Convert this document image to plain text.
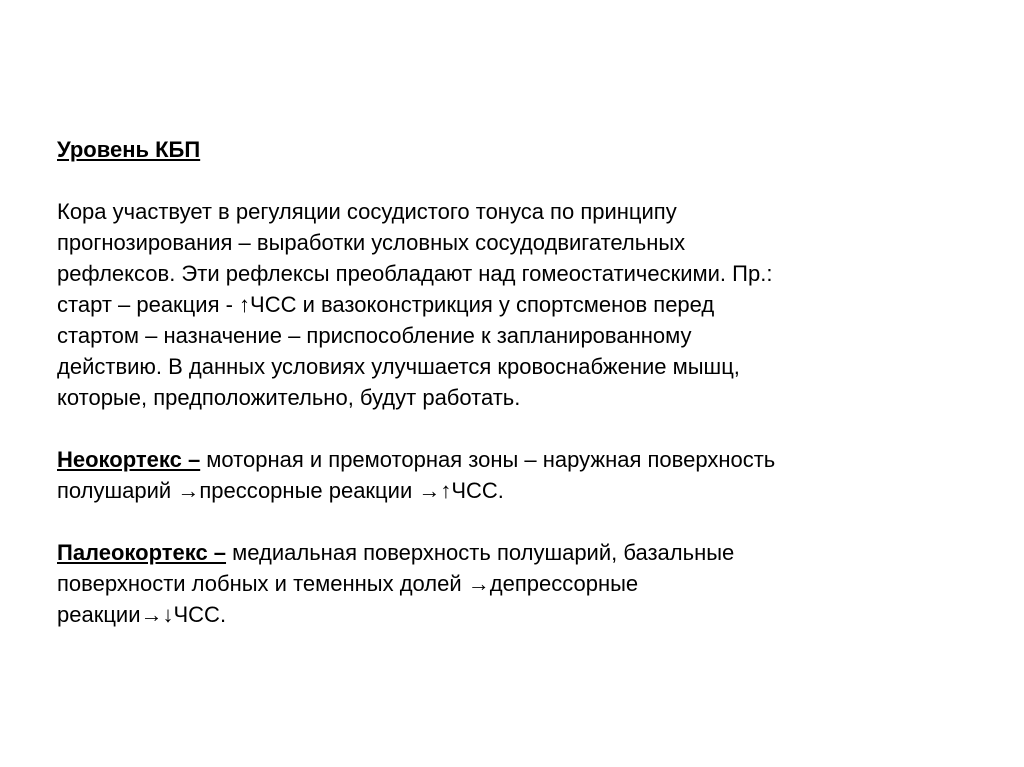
Уровень КБП
Кора участвует в регуляции сосудистого тонуса по принципу
прогнозирования – выработки условных сосудодвигательных
рефлексов. Эти рефлексы преобладают над гомеостатическими. Пр.:
старт – реакция - ↑ЧСС и вазоконстрикция у спортсменов перед
стартом – назначение – приспособление к запланированному
действию. В данных условиях улучшается кровоснабжение мышц,
которые, предположительно, будут работать.
Неокортекс – моторная и премоторная зоны – наружная поверхность
полушарий →прессорные реакции →↑ЧСС.
Палеокортекс – медиальная поверхность полушарий, базальные
поверхности лобных и теменных долей →депрессорные
реакции→↓ЧСС.
